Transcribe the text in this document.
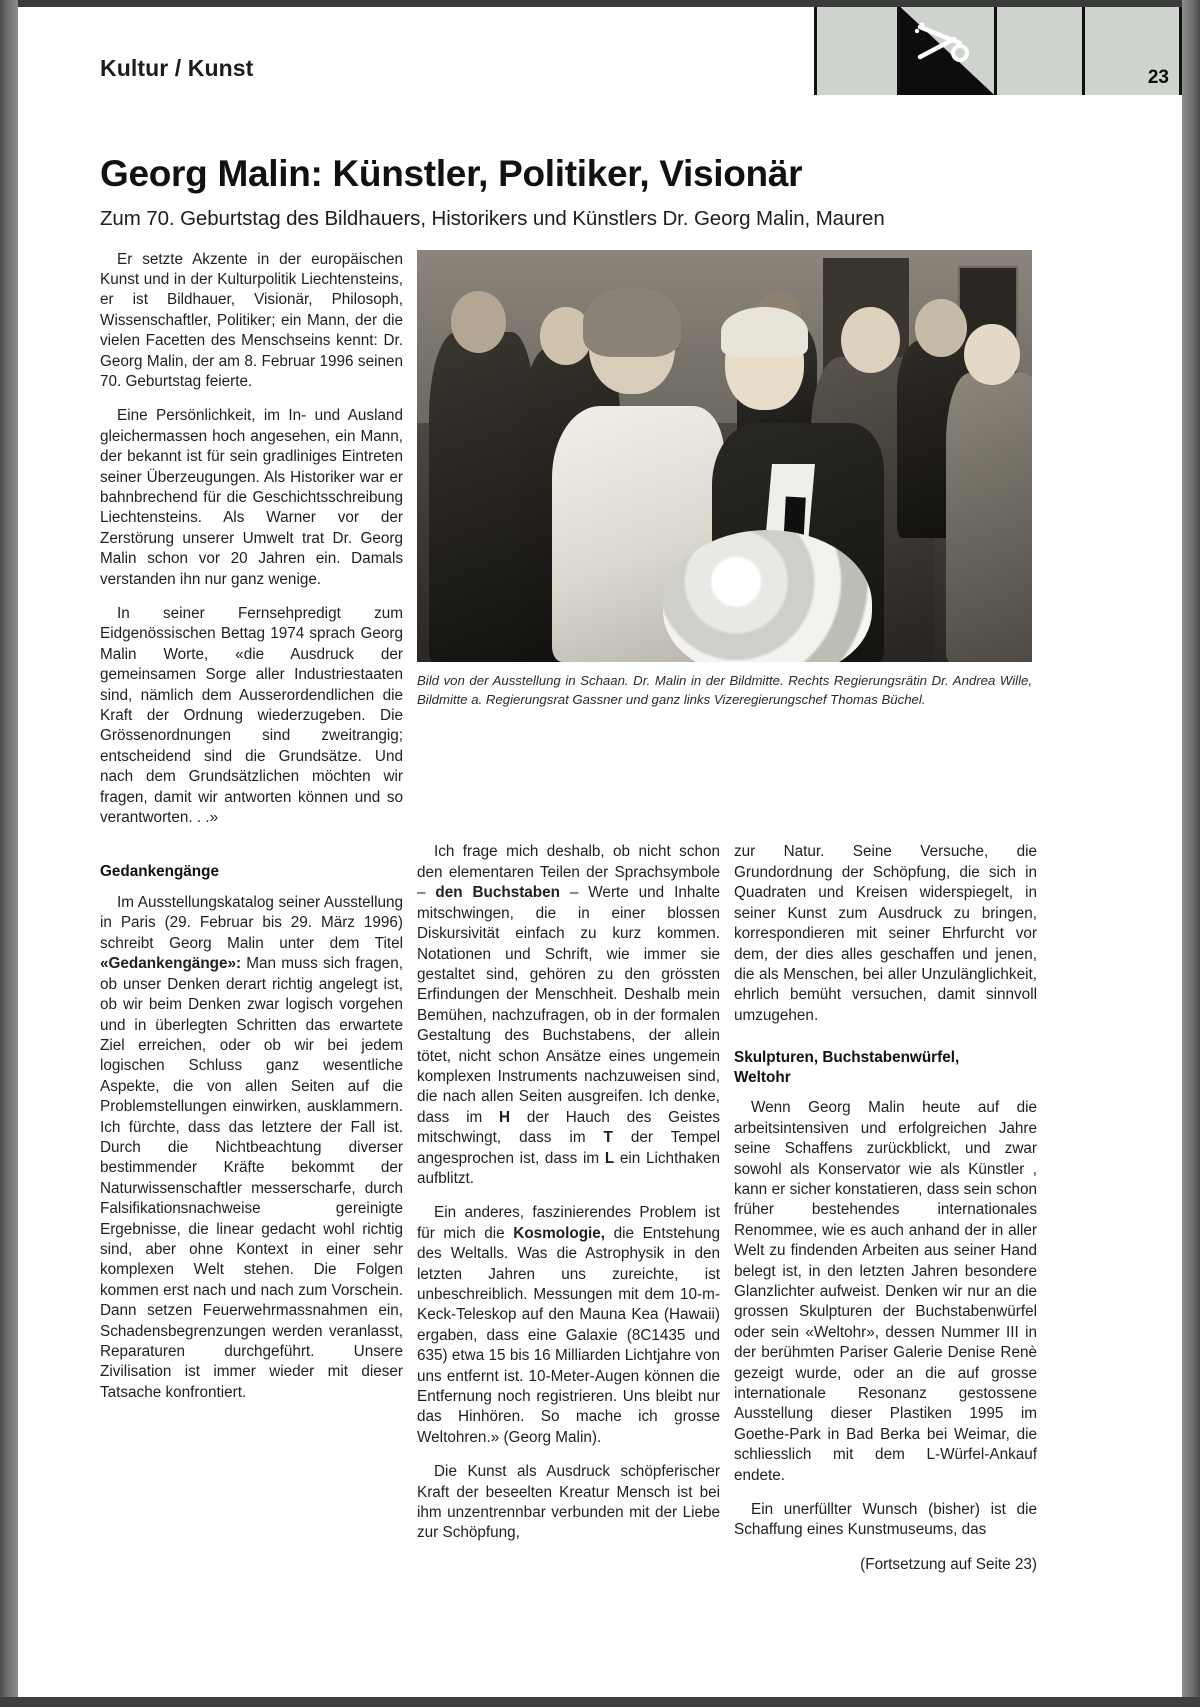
Kultur / Kunst	23
Georg Malin: Künstler, Politiker, Visionär

Zum 70. Geburtstag des Bildhauers, Historikers und Künstlers Dr. Georg Malin, Mauren

Er setzte Akzente in der europäischen Kunst und in der Kulturpolitik Liechtensteins, er ist Bildhauer, Visionär, Philosoph, Wissenschaftler, Politiker; ein Mann, der die vielen Facetten des Menschseins kennt: Dr. Georg Malin, der am 8. Februar 1996 seinen 70. Geburtstag feierte.

Eine Persönlichkeit, im In- und Ausland gleichermassen hoch angesehen, ein Mann, der bekannt ist für sein gradliniges Eintreten seiner Überzeugungen. Als Historiker war er bahnbrechend für die Geschichtsschreibung Liechtensteins. Als Warner vor der Zerstörung unserer Umwelt trat Dr. Georg Malin schon vor 20 Jahren ein. Damals verstanden ihn nur ganz wenige.

In seiner Fernsehpredigt zum Eidgenössischen Bettag 1974 sprach Georg Malin Worte, «die Ausdruck der gemeinsamen Sorge aller Industriestaaten sind, nämlich dem Ausserordendlichen die Kraft der Ordnung wiederzugeben. Die Grössenordnungen sind zweitrangig; entscheidend sind die Grundsätze. Und nach dem Grundsätzlichen möchten wir fragen, damit wir antworten können und so verantworten. . .»

Bild von der Ausstellung in Schaan. Dr. Malin in der Bildmitte. Rechts Regierungsrätin Dr. Andrea Wille, Bildmitte a. Regierungsrat Gassner und ganz links Vizeregierungschef Thomas Büchel.
Gedankengänge

Im Ausstellungskatalog seiner Ausstellung in Paris (29. Februar bis 29. März 1996) schreibt Georg Malin unter dem Titel «Gedankengänge»: Man muss sich fragen, ob unser Denken derart richtig angelegt ist, ob wir beim Denken zwar logisch vorgehen und in überlegten Schritten das erwartete Ziel erreichen, oder ob wir bei jedem logischen Schluss ganz wesentliche Aspekte, die von allen Seiten auf die Problemstellungen einwirken, ausklammern. Ich fürchte, dass das letztere der Fall ist. Durch die Nichtbeachtung diverser bestimmender Kräfte bekommt der Naturwissenschaftler messerscharfe, durch Falsifikationsnachweise gereinigte Ergebnisse, die linear gedacht wohl richtig sind, aber ohne Kontext in einer sehr komplexen Welt stehen. Die Folgen kommen erst nach und nach zum Vorschein. Dann setzen Feuerwehrmassnahmen ein, Schadensbegrenzungen werden veranlasst, Reparaturen durchgeführt. Unsere Zivilisation ist immer wieder mit dieser Tatsache konfrontiert.

Ich frage mich deshalb, ob nicht schon den elementaren Teilen der Sprachsymbole – den Buchstaben – Werte und Inhalte mitschwingen, die in einer blossen Diskursivität einfach zu kurz kommen. Notationen und Schrift, wie immer sie gestaltet sind, gehören zu den grössten Erfindungen der Menschheit. Deshalb mein Bemühen, nachzufragen, ob in der formalen Gestaltung des Buchstabens, der allein tötet, nicht schon Ansätze eines ungemein komplexen Instruments nachzuweisen sind, die nach allen Seiten ausgreifen. Ich denke, dass im H der Hauch des Geistes mitschwingt, dass im T der Tempel angesprochen ist, dass im L ein Lichthaken aufblitzt.

Ein anderes, faszinierendes Problem ist für mich die Kosmologie, die Entstehung des Weltalls. Was die Astrophysik in den letzten Jahren uns zureichte, ist unbeschreiblich. Messungen mit dem 10-m-Keck-Teleskop auf den Mauna Kea (Hawaii) ergaben, dass eine Galaxie (8C1435 und 635) etwa 15 bis 16 Milliarden Lichtjahre von uns entfernt ist. 10-Meter-Augen können die Entfernung noch registrieren. Uns bleibt nur das Hinhören. So mache ich grosse Weltohren.» (Georg Malin).

Die Kunst als Ausdruck schöpferischer Kraft der beseelten Kreatur Mensch ist bei ihm unzentrennbar verbunden mit der Liebe zur Schöpfung,

zur Natur. Seine Versuche, die Grundordnung der Schöpfung, die sich in Quadraten und Kreisen widerspiegelt, in seiner Kunst zum Ausdruck zu bringen, korrespondieren mit seiner Ehrfurcht vor dem, der dies alles geschaffen und jenen, die als Menschen, bei aller Unzulänglichkeit, ehrlich bemüht versuchen, damit sinnvoll umzugehen.

Skulpturen, Buchstabenwürfel,
Weltohr

Wenn Georg Malin heute auf die arbeitsintensiven und erfolgreichen Jahre seine Schaffens zurückblickt, und zwar sowohl als Konservator wie als Künstler , kann er sicher konstatieren, dass sein schon früher bestehendes internationales Renommee, wie es auch anhand der in aller Welt zu findenden Arbeiten aus seiner Hand belegt ist, in den letzten Jahren besondere Glanzlichter aufweist. Denken wir nur an die grossen Skulpturen der Buchstabenwürfel oder sein «Weltohr», dessen Nummer III in der berühmten Pariser Galerie Denise Renè gezeigt wurde, oder an die auf grosse internationale Resonanz gestossene Ausstellung dieser Plastiken 1995 im Goethe-Park in Bad Berka bei Weimar, die schliesslich mit dem L-Würfel-Ankauf endete.

Ein unerfüllter Wunsch (bisher) ist die Schaffung eines Kunstmuseums, das

(Fortsetzung auf Seite 23)
